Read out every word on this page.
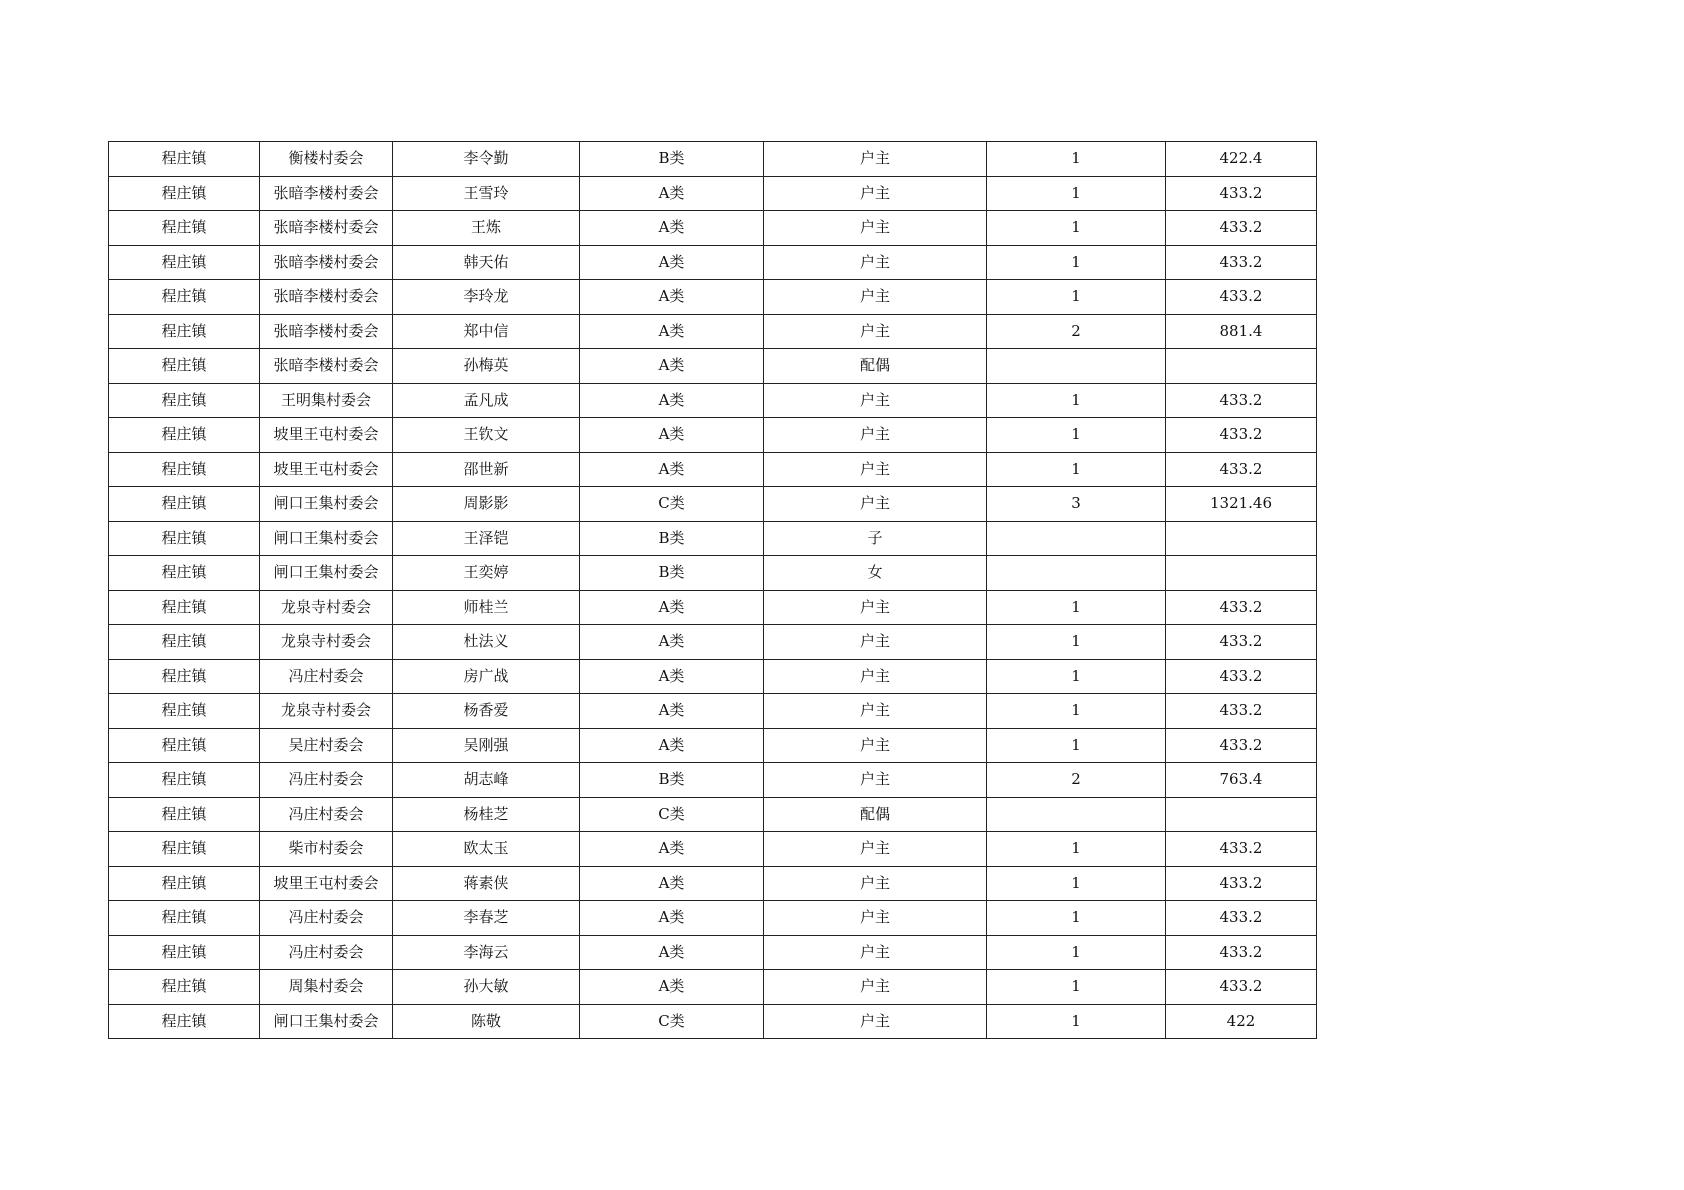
程庄镇	衡楼村委会	李令勤	B类	户主	1	422.4
程庄镇	张暗李楼村委会	王雪玲	A类	户主	1	433.2
程庄镇	张暗李楼村委会	王炼	A类	户主	1	433.2
程庄镇	张暗李楼村委会	韩天佑	A类	户主	1	433.2
程庄镇	张暗李楼村委会	李玲龙	A类	户主	1	433.2
程庄镇	张暗李楼村委会	郑中信	A类	户主	2	881.4
程庄镇	张暗李楼村委会	孙梅英	A类	配偶		
程庄镇	王明集村委会	孟凡成	A类	户主	1	433.2
程庄镇	坡里王屯村委会	王钦文	A类	户主	1	433.2
程庄镇	坡里王屯村委会	邵世新	A类	户主	1	433.2
程庄镇	闸口王集村委会	周影影	C类	户主	3	1321.46
程庄镇	闸口王集村委会	王泽铠	B类	子		
程庄镇	闸口王集村委会	王奕婷	B类	女		
程庄镇	龙泉寺村委会	师桂兰	A类	户主	1	433.2
程庄镇	龙泉寺村委会	杜法义	A类	户主	1	433.2
程庄镇	冯庄村委会	房广战	A类	户主	1	433.2
程庄镇	龙泉寺村委会	杨香爱	A类	户主	1	433.2
程庄镇	吴庄村委会	吴刚强	A类	户主	1	433.2
程庄镇	冯庄村委会	胡志峰	B类	户主	2	763.4
程庄镇	冯庄村委会	杨桂芝	C类	配偶		
程庄镇	柴市村委会	欧太玉	A类	户主	1	433.2
程庄镇	坡里王屯村委会	蒋素侠	A类	户主	1	433.2
程庄镇	冯庄村委会	李春芝	A类	户主	1	433.2
程庄镇	冯庄村委会	李海云	A类	户主	1	433.2
程庄镇	周集村委会	孙大敏	A类	户主	1	433.2
程庄镇	闸口王集村委会	陈敬	C类	户主	1	422
